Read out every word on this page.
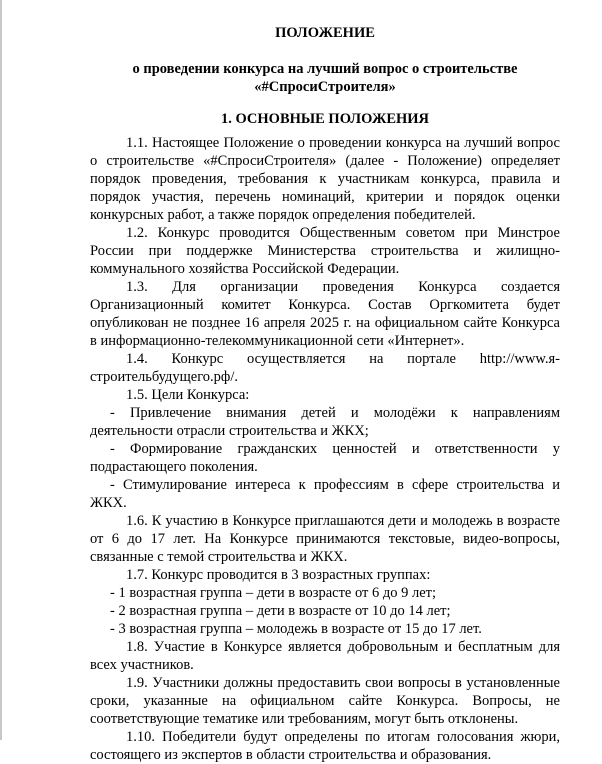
ПОЛОЖЕНИЕ
о проведении конкурса на лучший вопрос о строительстве
«#СпросиСтроителя»
1. ОСНОВНЫЕ ПОЛОЖЕНИЯ

1.1. Настоящее Положение о проведении конкурса на лучший вопрос о строительстве «#СпросиСтроителя» (далее - Положение) определяет порядок проведения, требования к участникам конкурса, правила и порядок участия, перечень номинаций, критерии и порядок оценки конкурсных работ, а также порядок определения победителей.

1.2. Конкурс проводится Общественным советом при Минстрое России при поддержке Министерства строительства и жилищно-коммунального хозяйства Российской Федерации.

1.3. Для организации проведения Конкурса создается Организационный комитет Конкурса. Состав Оргкомитета будет опубликован не позднее 16 апреля 2025 г. на официальном сайте Конкурса в информационно-телекоммуникационной сети «Интернет».

1.4. Конкурс осуществляется на портале http://www.я-строительбудущего.рф/.

1.5. Цели Конкурса:

- Привлечение внимания детей и молодёжи к направлениям деятельности отрасли строительства и ЖКХ;

- Формирование гражданских ценностей и ответственности у подрастающего поколения.

- Стимулирование интереса к профессиям в сфере строительства и ЖКХ.

1.6. К участию в Конкурсе приглашаются дети и молодежь в возрасте от 6 до 17 лет. На Конкурсе принимаются текстовые, видео-вопросы, связанные с темой строительства и ЖКХ.

1.7. Конкурс проводится в 3 возрастных группах:

- 1 возрастная группа – дети в возрасте от 6 до 9 лет;

- 2 возрастная группа – дети в возрасте от 10 до 14 лет;

- 3 возрастная группа – молодежь в возрасте от 15 до 17 лет.

1.8. Участие в Конкурсе является добровольным и бесплатным для всех участников.

1.9. Участники должны предоставить свои вопросы в установленные сроки, указанные на официальном сайте Конкурса. Вопросы, не соответствующие тематике или требованиям, могут быть отклонены.

1.10. Победители будут определены по итогам голосования жюри, состоящего из экспертов в области строительства и образования.
